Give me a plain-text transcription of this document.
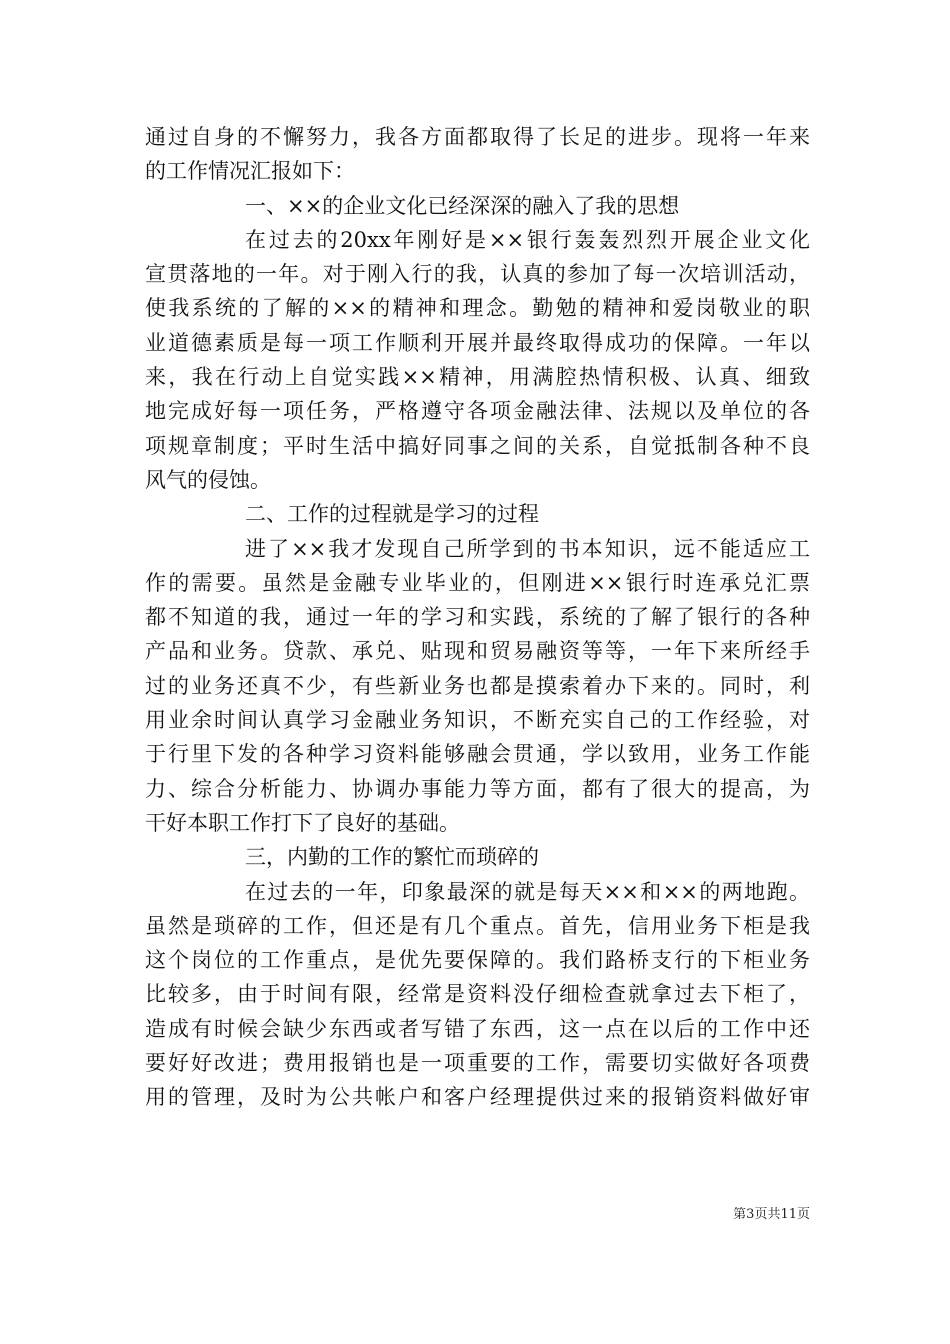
通过自身的不懈努力，我各方面都取得了长足的进步。现将一年来
的工作情况汇报如下：
一、××的企业文化已经深深的融入了我的思想
在过去的20xx年刚好是××银行轰轰烈烈开展企业文化
宣贯落地的一年。对于刚入行的我，认真的参加了每一次培训活动，
使我系统的了解的××的精神和理念。勤勉的精神和爱岗敬业的职
业道德素质是每一项工作顺利开展并最终取得成功的保障。一年以
来，我在行动上自觉实践××精神，用满腔热情积极、认真、细致
地完成好每一项任务，严格遵守各项金融法律、法规以及单位的各
项规章制度；平时生活中搞好同事之间的关系，自觉抵制各种不良
风气的侵蚀。
二、工作的过程就是学习的过程
进了××我才发现自己所学到的书本知识，远不能适应工
作的需要。虽然是金融专业毕业的，但刚进××银行时连承兑汇票
都不知道的我，通过一年的学习和实践，系统的了解了银行的各种
产品和业务。贷款、承兑、贴现和贸易融资等等，一年下来所经手
过的业务还真不少，有些新业务也都是摸索着办下来的。同时，利
用业余时间认真学习金融业务知识，不断充实自己的工作经验，对
于行里下发的各种学习资料能够融会贯通，学以致用，业务工作能
力、综合分析能力、协调办事能力等方面，都有了很大的提高，为
干好本职工作打下了良好的基础。
三，内勤的工作的繁忙而琐碎的
在过去的一年，印象最深的就是每天××和××的两地跑。
虽然是琐碎的工作，但还是有几个重点。首先，信用业务下柜是我
这个岗位的工作重点，是优先要保障的。我们路桥支行的下柜业务
比较多，由于时间有限，经常是资料没仔细检查就拿过去下柜了，
造成有时候会缺少东西或者写错了东西，这一点在以后的工作中还
要好好改进；费用报销也是一项重要的工作，需要切实做好各项费
用的管理，及时为公共帐户和客户经理提供过来的报销资料做好审
第3页共11页
